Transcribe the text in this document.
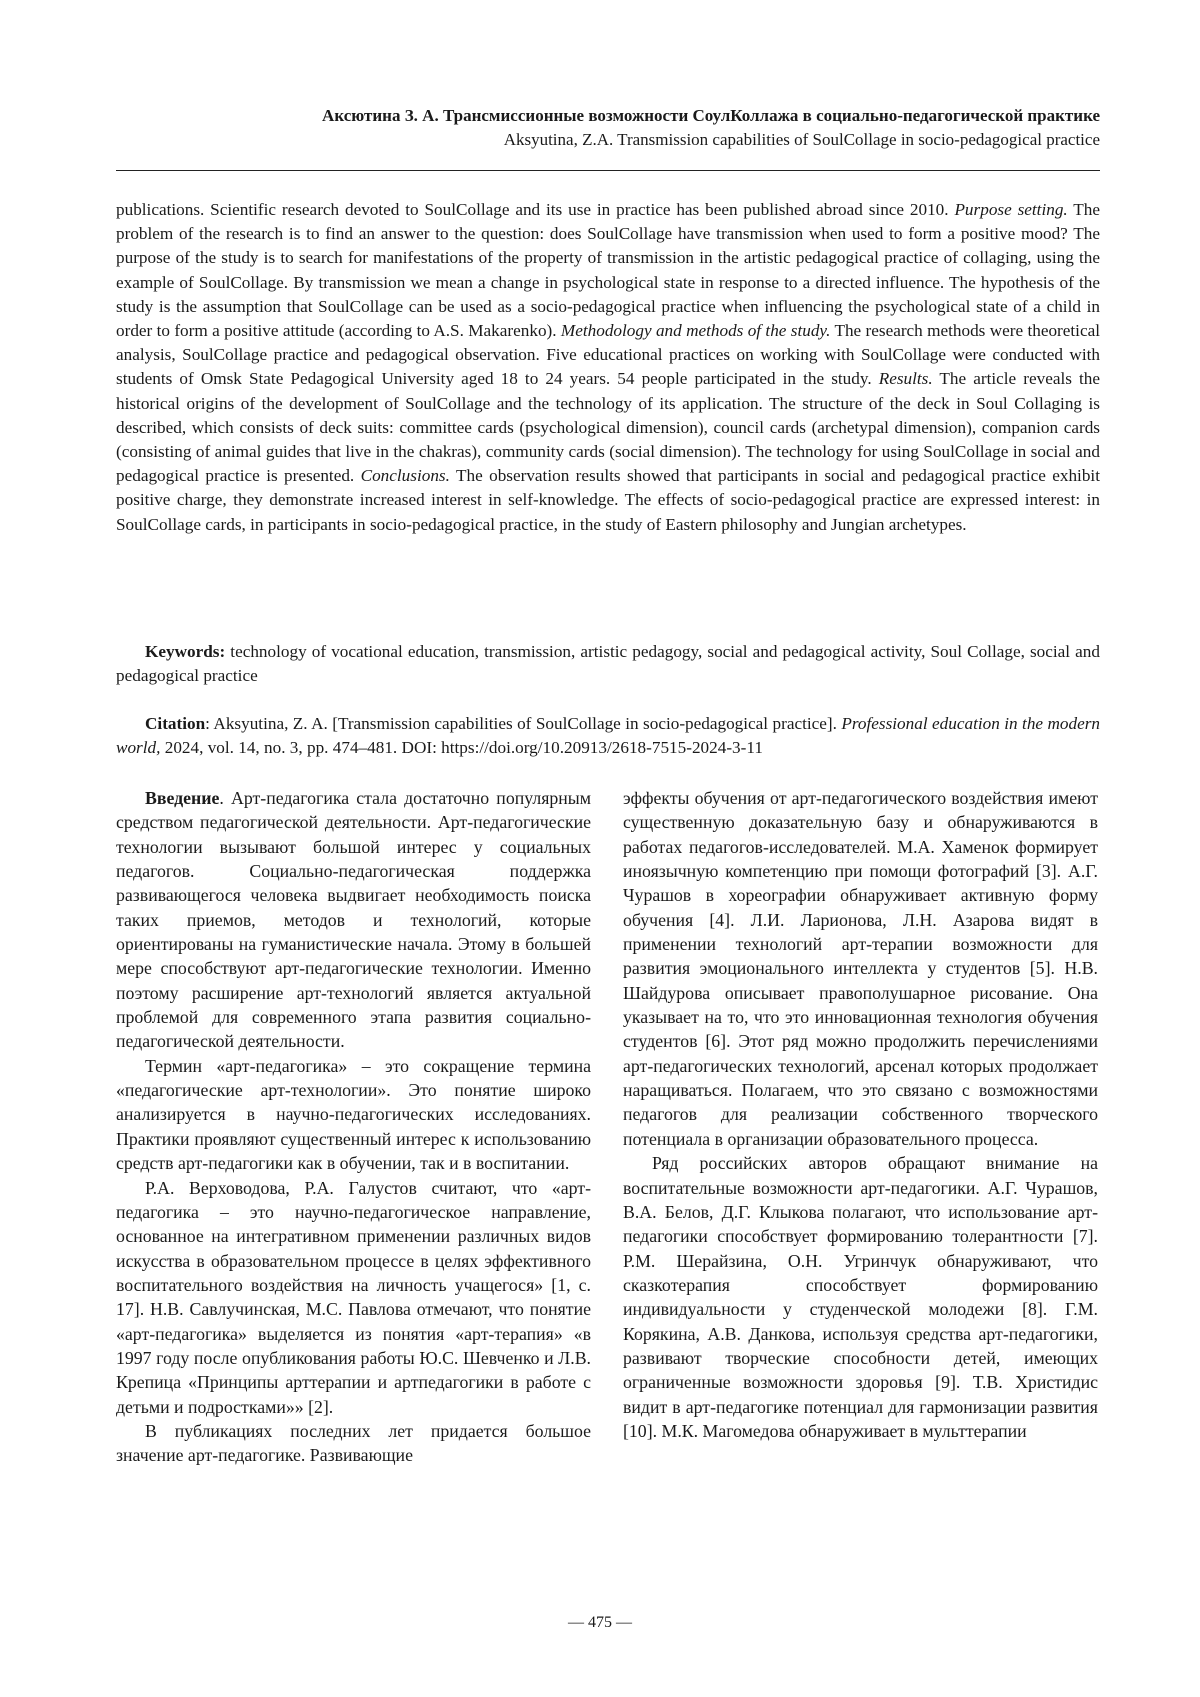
Аксютина З. А. Трансмиссионные возможности СоулКоллажа в социально-педагогической практике
Aksyutina, Z.A. Transmission capabilities of SoulCollage in socio-pedagogical practice

publications. Scientific research devoted to SoulCollage and its use in practice has been published abroad since 2010. Purpose setting. The problem of the research is to find an answer to the question: does SoulCollage have transmission when used to form a positive mood? The purpose of the study is to search for manifestations of the property of transmission in the artistic pedagogical practice of collaging, using the example of SoulCollage. By transmission we mean a change in psychological state in response to a directed influence. The hypothesis of the study is the assumption that SoulCollage can be used as a socio-pedagogical practice when influencing the psychological state of a child in order to form a positive attitude (according to A.S. Makarenko). Methodology and methods of the study. The research methods were theoretical analysis, SoulCollage practice and pedagogical observation. Five educational practices on working with SoulCollage were conducted with students of Omsk State Pedagogical University aged 18 to 24 years. 54 people participated in the study. Results. The article reveals the historical origins of the development of SoulCollage and the technology of its application. The structure of the deck in Soul Collaging is described, which consists of deck suits: committee cards (psychological dimension), council cards (archetypal dimension), companion cards (consisting of animal guides that live in the chakras), community cards (social dimension). The technology for using SoulCollage in social and pedagogical practice is presented. Conclusions. The observation results showed that participants in social and pedagogical practice exhibit positive charge, they demonstrate increased interest in self-knowledge. The effects of socio-pedagogical practice are expressed interest: in SoulCollage cards, in participants in socio-pedagogical practice, in the study of Eastern philosophy and Jungian archetypes.

Keywords: technology of vocational education, transmission, artistic pedagogy, social and pedagogical activity, Soul Collage, social and pedagogical practice

Citation: Aksyutina, Z. A. [Transmission capabilities of SoulCollage in socio-pedagogical practice]. Professional education in the modern world, 2024, vol. 14, no. 3, pp. 474–481. DOI: https://doi.org/10.20913/2618-7515-2024-3-11

Введение. Арт-педагогика стала достаточно популярным средством педагогической деятельности. Арт-педагогические технологии вызывают большой интерес у социальных педагогов. Социально-педагогическая поддержка развивающегося человека выдвигает необходимость поиска таких приемов, методов и технологий, которые ориентированы на гуманистические начала. Этому в большей мере способствуют арт-педагогические технологии. Именно поэтому расширение арт-технологий является актуальной проблемой для современного этапа развития социально-педагогической деятельности.

Термин «арт-педагогика» – это сокращение термина «педагогические арт-технологии». Это понятие широко анализируется в научно-педагогических исследованиях. Практики проявляют существенный интерес к использованию средств арт-педагогики как в обучении, так и в воспитании.

Р.А. Верховодова, Р.А. Галустов считают, что «арт-педагогика – это научно-педагогическое направление, основанное на интегративном применении различных видов искусства в образовательном процессе в целях эффективного воспитательного воздействия на личность учащегося» [1, с. 17]. Н.В. Савлучинская, М.С. Павлова отмечают, что понятие «арт-педагогика» выделяется из понятия «арт-терапия» «в 1997 году после опубликования работы Ю.С. Шевченко и Л.В. Крепица «Принципы арттерапии и артпедагогики в работе с детьми и подростками»» [2].

В публикациях последних лет придается большое значение арт-педагогике. Развивающие

эффекты обучения от арт-педагогического воздействия имеют существенную доказательную базу и обнаруживаются в работах педагогов-исследователей. М.А. Хаменок формирует иноязычную компетенцию при помощи фотографий [3]. А.Г. Чурашов в хореографии обнаруживает активную форму обучения [4]. Л.И. Ларионова, Л.Н. Азарова видят в применении технологий арт-терапии возможности для развития эмоционального интеллекта у студентов [5]. Н.В. Шайдурова описывает правополушарное рисование. Она указывает на то, что это инновационная технология обучения студентов [6]. Этот ряд можно продолжить перечислениями арт-педагогических технологий, арсенал которых продолжает наращиваться. Полагаем, что это связано с возможностями педагогов для реализации собственного творческого потенциала в организации образовательного процесса.

Ряд российских авторов обращают внимание на воспитательные возможности арт-педагогики. А.Г. Чурашов, В.А. Белов, Д.Г. Клыкова полагают, что использование арт-педагогики способствует формированию толерантности [7]. Р.М. Шерайзина, О.Н. Угринчук обнаруживают, что сказкотерапия способствует формированию индивидуальности у студенческой молодежи [8]. Г.М. Корякина, А.В. Данкова, используя средства арт-педагогики, развивают творческие способности детей, имеющих ограниченные возможности здоровья [9]. Т.В. Христидис видит в арт-педагогике потенциал для гармонизации развития [10]. М.К. Магомедова обнаруживает в мульттерапии

— 475 —
